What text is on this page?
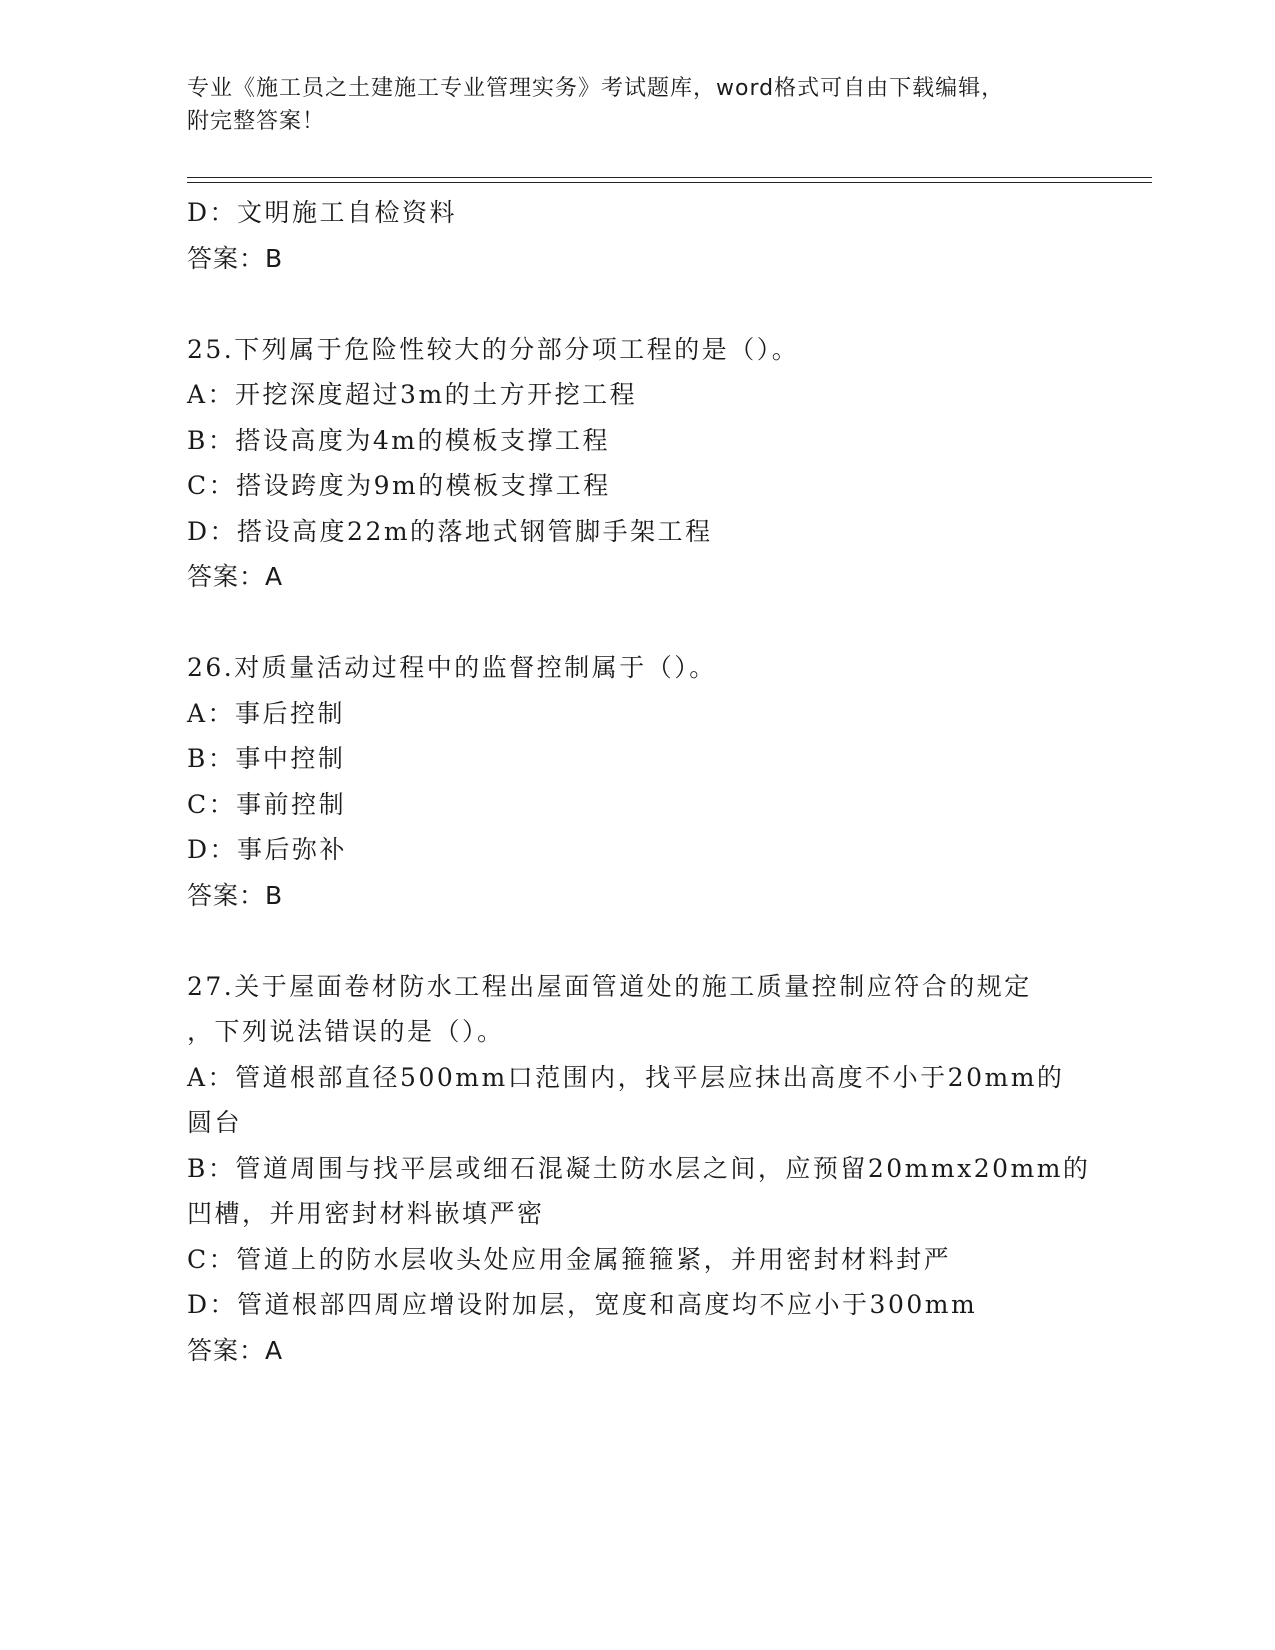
专业《施工员之土建施工专业管理实务》考试题库，word格式可自由下载编辑，
附完整答案！
D：文明施工自检资料
答案：B
25.下列属于危险性较大的分部分项工程的是（）。
A：开挖深度超过3m的土方开挖工程
B：搭设高度为4m的模板支撑工程
C：搭设跨度为9m的模板支撑工程
D：搭设高度22m的落地式钢管脚手架工程
答案：A
26.对质量活动过程中的监督控制属于（）。
A：事后控制
B：事中控制
C：事前控制
D：事后弥补
答案：B
27.关于屋面卷材防水工程出屋面管道处的施工质量控制应符合的规定
，下列说法错误的是（）。
A：管道根部直径500mm口范围内，找平层应抹出高度不小于20mm的
圆台
B：管道周围与找平层或细石混凝土防水层之间，应预留20mmx20mm的
凹槽，并用密封材料嵌填严密
C：管道上的防水层收头处应用金属箍箍紧，并用密封材料封严
D：管道根部四周应增设附加层，宽度和高度均不应小于300mm
答案：A
